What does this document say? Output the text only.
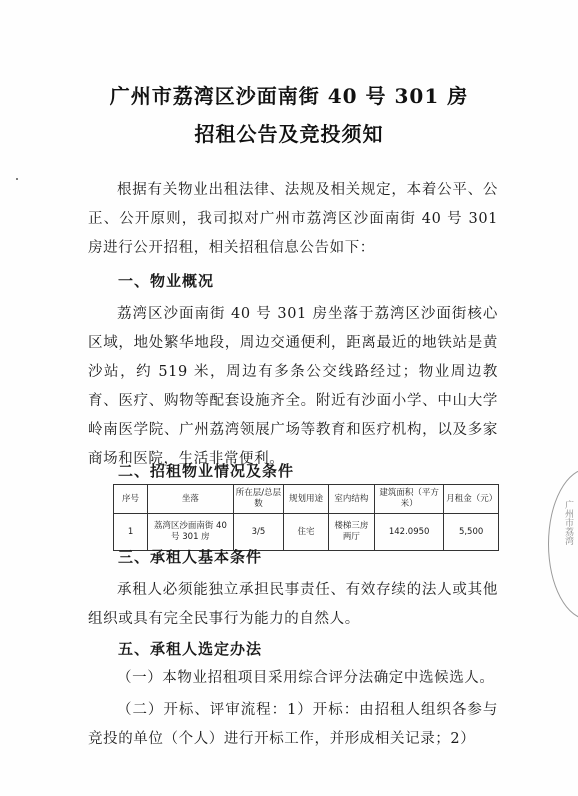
广州市荔湾区沙面南街 40 号 301 房
招租公告及竞投须知
根据有关物业出租法律、法规及相关规定，本着公平、公正、公开原则，我司拟对广州市荔湾区沙面南街 40 号 301 房进行公开招租，相关招租信息公告如下：
一、物业概况
荔湾区沙面南街 40 号 301 房坐落于荔湾区沙面街核心区域，地处繁华地段，周边交通便利，距离最近的地铁站是黄沙站，约 519 米，周边有多条公交线路经过；物业周边教育、医疗、购物等配套设施齐全。附近有沙面小学、中山大学岭南医学院、广州荔湾领展广场等教育和医疗机构，以及多家商场和医院，生活非常便利。
二、招租物业情况及条件
序号	坐落	所在层/总层数	规划用途	室内结构	建筑面积（平方米）	月租金（元）
1	荔湾区沙面南街 40 号 301 房	3/5	住宅	楼梯三房两厅	142.0950	5,500
三、承租人基本条件
承租人必须能独立承担民事责任、有效存续的法人或其他组织或具有完全民事行为能力的自然人。
五、承租人选定办法
（一）本物业招租项目采用综合评分法确定中选候选人。
（二）开标、评审流程：1）开标：由招租人组织各参与竞投的单位（个人）进行开标工作，并形成相关记录；2）
广州市荔湾
